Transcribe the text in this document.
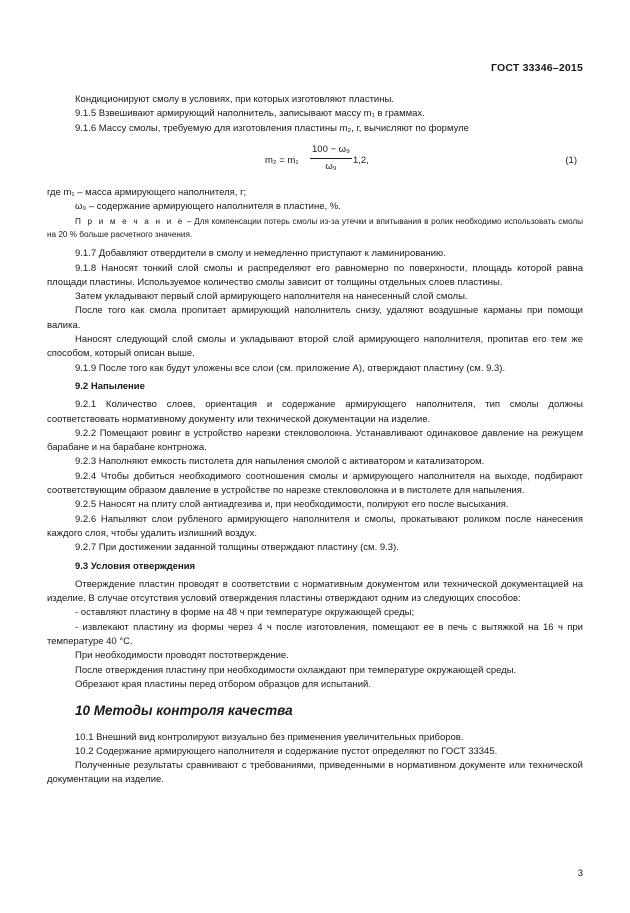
ГОСТ 33346–2015

Кондиционируют смолу в условиях, при которых изготовляют пластины.

9.1.5 Взвешивают армирующий наполнитель, записывают массу m₁ в граммах.

9.1.6 Массу смолы, требуемую для изготовления пластины m₂, г, вычисляют по формуле

$m_2 = m_1 \frac{\text{100 − ω₉}}{\text{ω₉}} 1,2$,	(1)

где m₁ – масса армирующего наполнителя, г;

ω₉ – содержание армирующего наполнителя в пластине, %.

П р и м е ч а н и е – Для компенсации потерь смолы из-за утечки и впитывания в ролик необходимо использовать смолы на 20 % больше расчетного значения.

9.1.7 Добавляют отвердители в смолу и немедленно приступают к ламинированию.

9.1.8 Наносят тонкий слой смолы и распределяют его равномерно по поверхности, площадь которой равна площади пластины. Используемое количество смолы зависит от толщины отдельных слоев пластины.

Затем укладывают первый слой армирующего наполнителя на нанесенный слой смолы.

После того как смола пропитает армирующий наполнитель снизу, удаляют воздушные карманы при помощи валика.

Наносят следующий слой смолы и укладывают второй слой армирующего наполнителя, пропитав его тем же способом, который описан выше.

9.1.9 После того как будут уложены все слои (см. приложение А), отверждают пластину (см. 9.3).

9.2 Напыление

9.2.1 Количество слоев, ориентация и содержание армирующего наполнителя, тип смолы должны соответствовать нормативному документу или технической документации на изделие.

9.2.2 Помещают ровинг в устройство нарезки стекловолокна. Устанавливают одинаковое давление на режущем барабане и на барабане контрножа.

9.2.3 Наполняют емкость пистолета для напыления смолой с активатором и катализатором.

9.2.4 Чтобы добиться необходимого соотношения смолы и армирующего наполнителя на выходе, подбирают соответствующим образом давление в устройстве по нарезке стекловолокна и в пистолете для напыления.

9.2.5 Наносят на плиту слой антиадгезива и, при необходимости, полируют его после высыхания.

9.2.6 Напыляют слои рубленого армирующего наполнителя и смолы, прокатывают роликом после нанесения каждого слоя, чтобы удалить излишний воздух.

9.2.7 При достижении заданной толщины отверждают пластину (см. 9.3).

9.3 Условия отверждения

Отверждение пластин проводят в соответствии с нормативным документом или технической документацией на изделие. В случае отсутствия условий отверждения пластины отверждают одним из следующих способов:

- оставляют пластину в форме на 48 ч при температуре окружающей среды;

- извлекают пластину из формы через 4 ч после изготовления, помещают ее в печь с вытяжкой на 16 ч при температуре 40 °С.

При необходимости проводят постотверждение.

После отверждения пластину при необходимости охлаждают при температуре окружающей среды.

Обрезают края пластины перед отбором образцов для испытаний.

10 Методы контроля качества

10.1 Внешний вид контролируют визуально без применения увеличительных приборов.

10.2 Содержание армирующего наполнителя и содержание пустот определяют по ГОСТ 33345.

Полученные результаты сравнивают с требованиями, приведенными в нормативном документе или технической документации на изделие.

3
